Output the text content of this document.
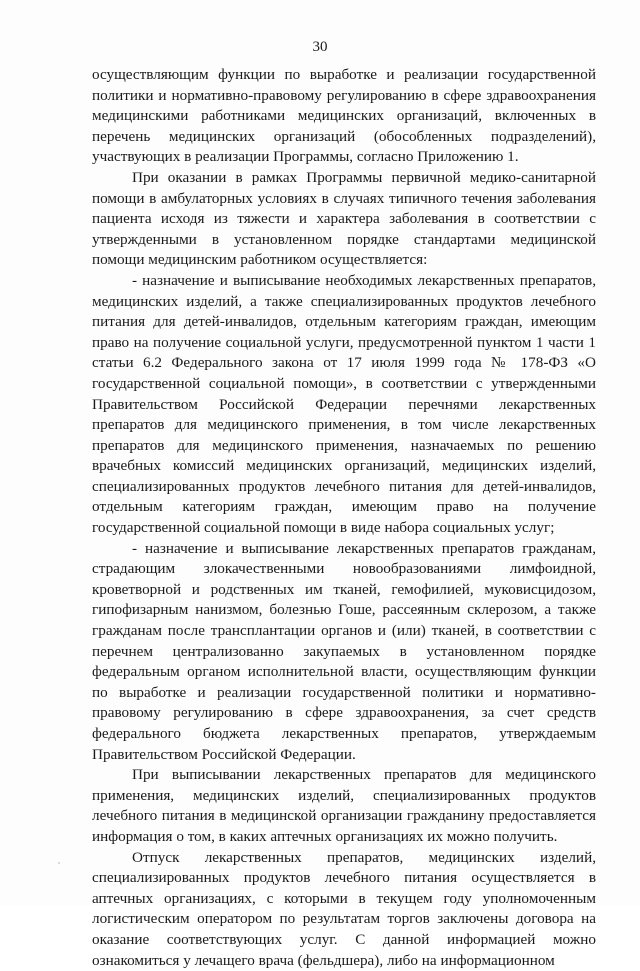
30

осуществляющим функции по выработке и реализации государственной политики и нормативно-правовому регулированию в сфере здравоохранения медицинскими работниками медицинских организаций, включенных в перечень медицинских организаций (обособленных подразделений), участвующих в реализации Программы, согласно Приложению 1.

При оказании в рамках Программы первичной медико-санитарной помощи в амбулаторных условиях в случаях типичного течения заболевания пациента исходя из тяжести и характера заболевания в соответствии с утвержденными в установленном порядке стандартами медицинской помощи медицинским работником осуществляется:

- назначение и выписывание необходимых лекарственных препаратов, медицинских изделий, а также специализированных продуктов лечебного питания для детей-инвалидов, отдельным категориям граждан, имеющим право на получение социальной услуги, предусмотренной пунктом 1 части 1 статьи 6.2 Федерального закона от 17 июля 1999 года № 178-ФЗ «О государственной социальной помощи», в соответствии с утвержденными Правительством Российской Федерации перечнями лекарственных препаратов для медицинского применения, в том числе лекарственных препаратов для медицинского применения, назначаемых по решению врачебных комиссий медицинских организаций, медицинских изделий, специализированных продуктов лечебного питания для детей-инвалидов, отдельным категориям граждан, имеющим право на получение государственной социальной помощи в виде набора социальных услуг;

- назначение и выписывание лекарственных препаратов гражданам, страдающим злокачественными новообразованиями лимфоидной, кроветворной и родственных им тканей, гемофилией, муковисцидозом, гипофизарным нанизмом, болезнью Гоше, рассеянным склерозом, а также гражданам после трансплантации органов и (или) тканей, в соответствии с перечнем централизованно закупаемых в установленном порядке федеральным органом исполнительной власти, осуществляющим функции по выработке и реализации государственной политики и нормативно-правовому регулированию в сфере здравоохранения, за счет средств федерального бюджета лекарственных препаратов, утверждаемым Правительством Российской Федерации.

При выписывании лекарственных препаратов для медицинского применения, медицинских изделий, специализированных продуктов лечебного питания в медицинской организации гражданину предоставляется информация о том, в каких аптечных организациях их можно получить.

Отпуск лекарственных препаратов, медицинских изделий, специализированных продуктов лечебного питания осуществляется в аптечных организациях, с которыми в текущем году уполномоченным логистическим оператором по результатам торгов заключены договора на оказание соответствующих услуг. С данной информацией можно ознакомиться у лечащего врача (фельдшера), либо на информационном
